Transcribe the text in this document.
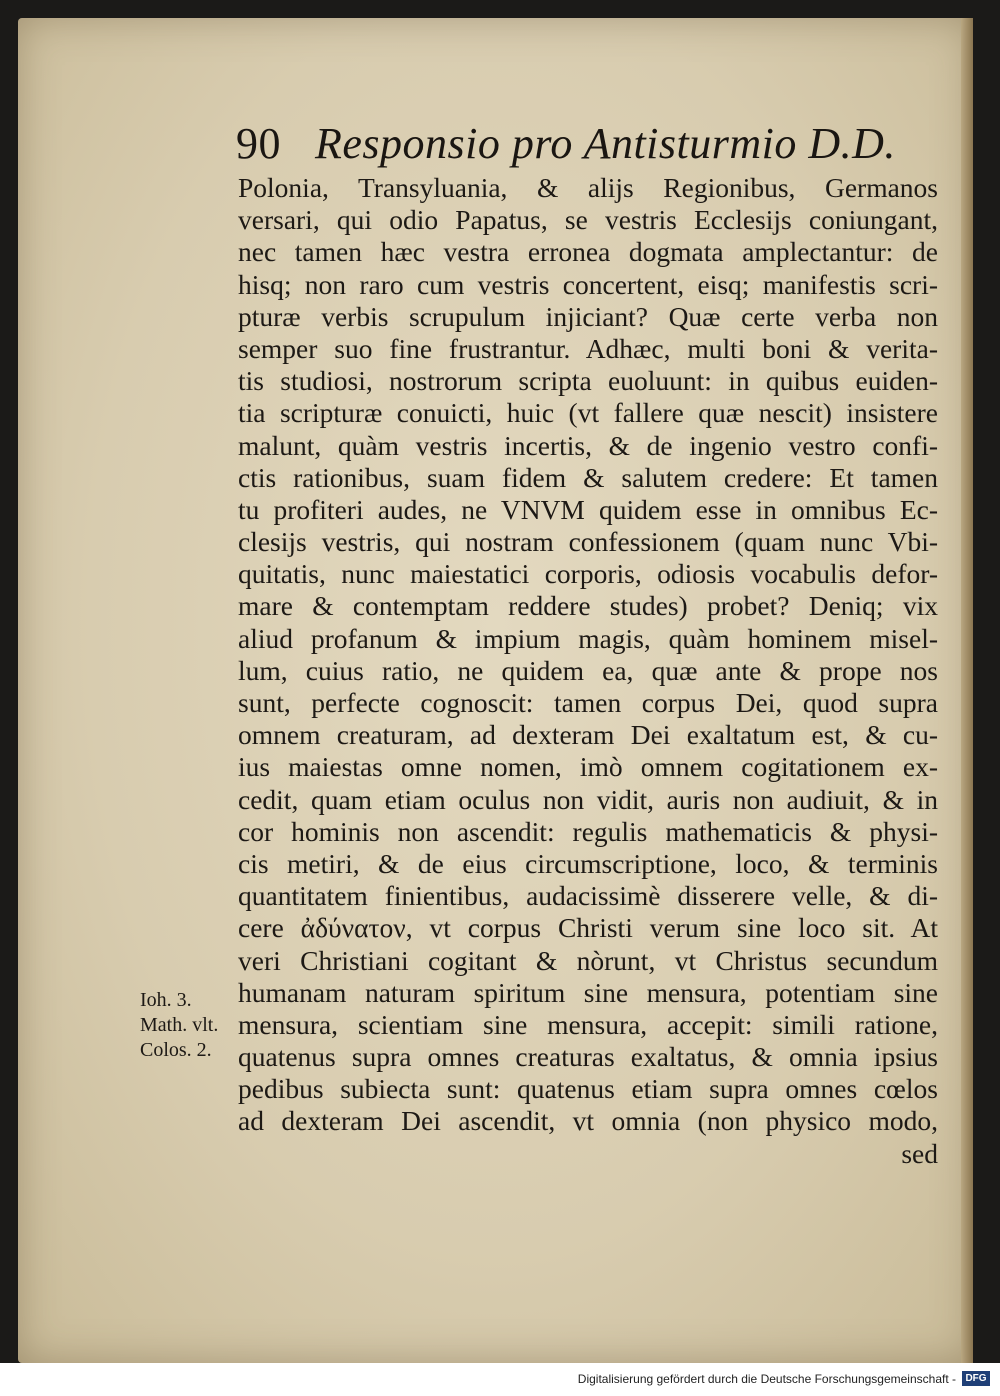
90 Responsio pro Antisturmio D.D.
Polonia, Transyluania, & alijs Regionibus, Germanos
versari, qui odio Papatus, se vestris Ecclesijs coniungant,
nec tamen hæc vestra erronea dogmata amplectantur: de
hisq; non raro cum vestris concertent, eisq; manifestis scri-
pturæ verbis scrupulum injiciant? Quæ certe verba non
semper suo fine frustrantur. Adhæc, multi boni & verita-
tis studiosi, nostrorum scripta euoluunt: in quibus euiden-
tia scripturæ conuicti, huic (vt fallere quæ nescit) insistere
malunt, quàm vestris incertis, & de ingenio vestro confi-
ctis rationibus, suam fidem & salutem credere: Et tamen
tu profiteri audes, ne VNVM quidem esse in omnibus Ec-
clesijs vestris, qui nostram confessionem (quam nunc Vbi-
quitatis, nunc maiestatici corporis, odiosis vocabulis defor-
mare & contemptam reddere studes) probet? Deniq; vix
aliud profanum & impium magis, quàm hominem misel-
lum, cuius ratio, ne quidem ea, quæ ante & prope nos
sunt, perfecte cognoscit: tamen corpus Dei, quod supra
omnem creaturam, ad dexteram Dei exaltatum est, & cu-
ius maiestas omne nomen, imò omnem cogitationem ex-
cedit, quam etiam oculus non vidit, auris non audiuit, & in
cor hominis non ascendit: regulis mathematicis & physi-
cis metiri, & de eius circumscriptione, loco, & terminis
quantitatem finientibus, audacissimè disserere velle, & di-
cere ἀδύνατον, vt corpus Christi verum sine loco sit. At
veri Christiani cogitant & nòrunt, vt Christus secundum
humanam naturam spiritum sine mensura, potentiam sine
mensura, scientiam sine mensura, accepit: simili ratione,
quatenus supra omnes creaturas exaltatus, & omnia ipsius
pedibus subiecta sunt: quatenus etiam supra omnes cœlos
ad dexteram Dei ascendit, vt omnia (non physico modo,
sed
Ioh. 3.
Math. vlt.
Colos. 2.
Digitalisierung gefördert durch die Deutsche Forschungsgemeinschaft - DFG
